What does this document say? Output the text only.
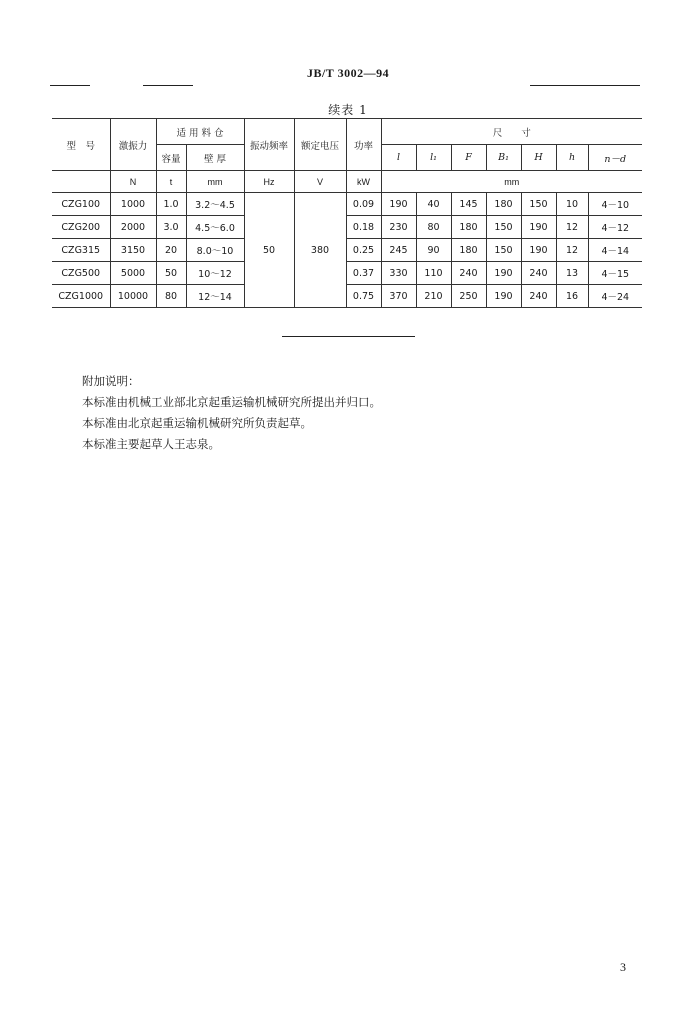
JB/T 3002—94
续表 1
型　号	激振力	适 用 料 仓		振动频率	额定电压	功率	尺　　寸						
		容量	壁 厚				l	l₁	F	B₁	H	h	n－d
	N	t	mm	Hz	V	kW	mm						
CZG100	1000	1.0	3.2～4.5	50	380	0.09	190	40	145	180	150	10	4－10
CZG200	2000	3.0	4.5～6.0			0.18	230	80	180	150	190	12	4－12
CZG315	3150	20	8.0～10			0.25	245	90	180	150	190	12	4－14
CZG500	5000	50	10～12			0.37	330	110	240	190	240	13	4－15
CZG1000	10000	80	12～14			0.75	370	210	250	190	240	16	4－24
附加说明：
本标准由机械工业部北京起重运输机械研究所提出并归口。
本标准由北京起重运输机械研究所负责起草。
本标准主要起草人王志泉。
3
